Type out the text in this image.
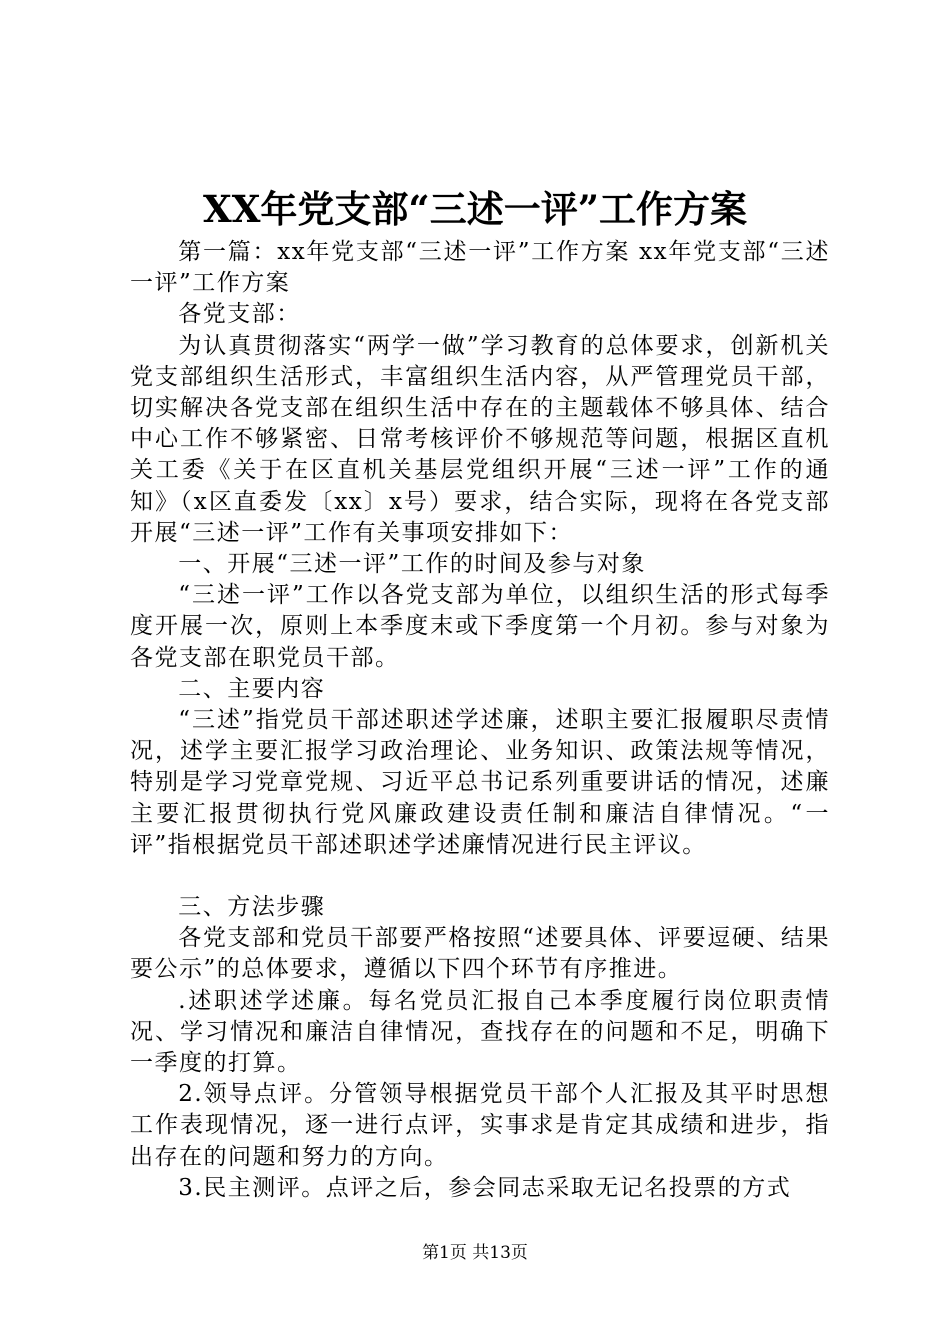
XX年党支部“三述一评”工作方案

第一篇：xx年党支部“三述一评”工作方案 xx年党支部“三述一评”工作方案

各党支部：

为认真贯彻落实“两学一做”学习教育的总体要求，创新机关党支部组织生活形式，丰富组织生活内容，从严管理党员干部，切实解决各党支部在组织生活中存在的主题载体不够具体、结合中心工作不够紧密、日常考核评价不够规范等问题，根据区直机关工委《关于在区直机关基层党组织开展“三述一评”工作的通知》（x区直委发〔xx〕x号）要求，结合实际，现将在各党支部开展“三述一评”工作有关事项安排如下：

一、开展“三述一评”工作的时间及参与对象

“三述一评”工作以各党支部为单位，以组织生活的形式每季度开展一次，原则上本季度末或下季度第一个月初。参与对象为各党支部在职党员干部。

二、主要内容

“三述”指党员干部述职述学述廉，述职主要汇报履职尽责情况，述学主要汇报学习政治理论、业务知识、政策法规等情况，特别是学习党章党规、习近平总书记系列重要讲话的情况，述廉主要汇报贯彻执行党风廉政建设责任制和廉洁自律情况。“一评”指根据党员干部述职述学述廉情况进行民主评议。

三、方法步骤

各党支部和党员干部要严格按照“述要具体、评要逗硬、结果要公示”的总体要求，遵循以下四个环节有序推进。

.述职述学述廉。每名党员汇报自己本季度履行岗位职责情况、学习情况和廉洁自律情况，查找存在的问题和不足，明确下一季度的打算。

2.领导点评。分管领导根据党员干部个人汇报及其平时思想工作表现情况，逐一进行点评，实事求是肯定其成绩和进步，指出存在的问题和努力的方向。

3.民主测评。点评之后，参会同志采取无记名投票的方式

第1页 共13页
